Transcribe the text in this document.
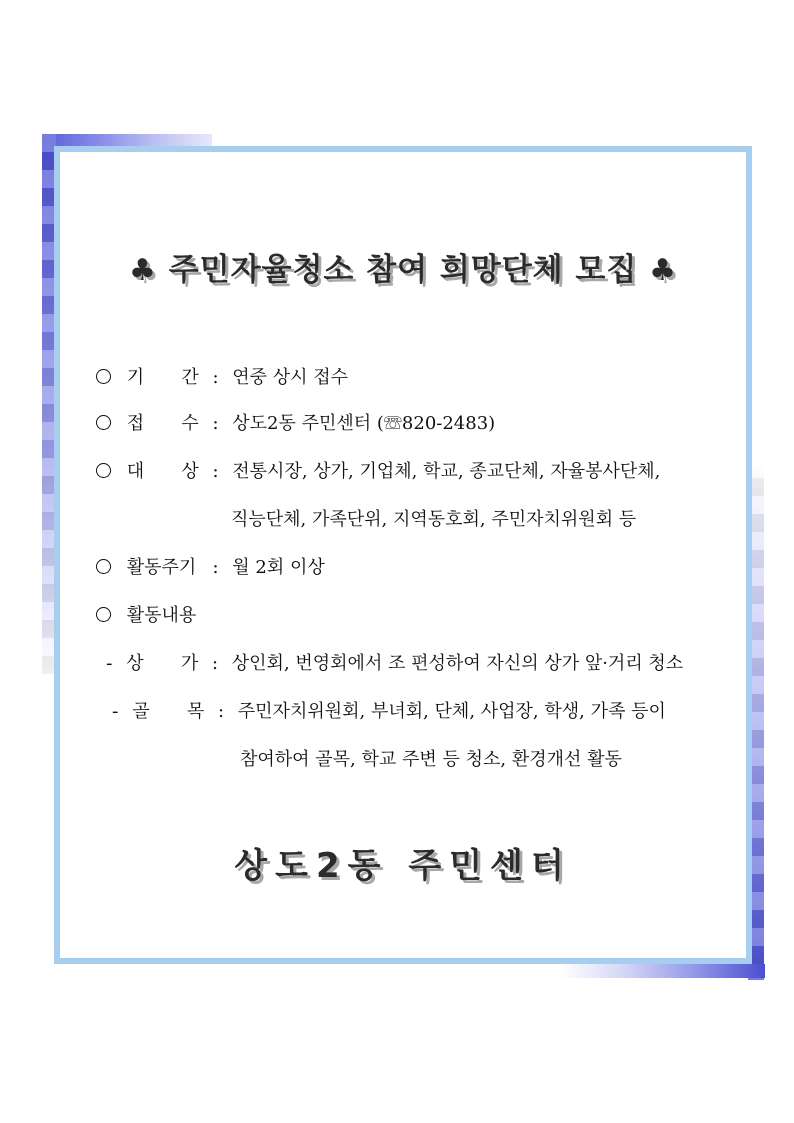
♣ 주민자율청소 참여 희망단체 모집 ♣

기 간 : 연중 상시 접수

접 수 : 상도2동 주민센터 (☏820-2483)

대 상 : 전통시장, 상가, 기업체, 학교, 종교단체, 자율봉사단체,
직능단체, 가족단위, 지역동호회, 주민자치위원회 등
활동주기 : 월 2회 이상
활동내용
- 상 가 : 상인회, 번영회에서 조 편성하여 자신의 상가 앞·거리 청소
- 골 목 : 주민자치위원회, 부녀회, 단체, 사업장, 학생, 가족 등이
참여하여 골목, 학교 주변 등 청소, 환경개선 활동
상도2동 주민센터
